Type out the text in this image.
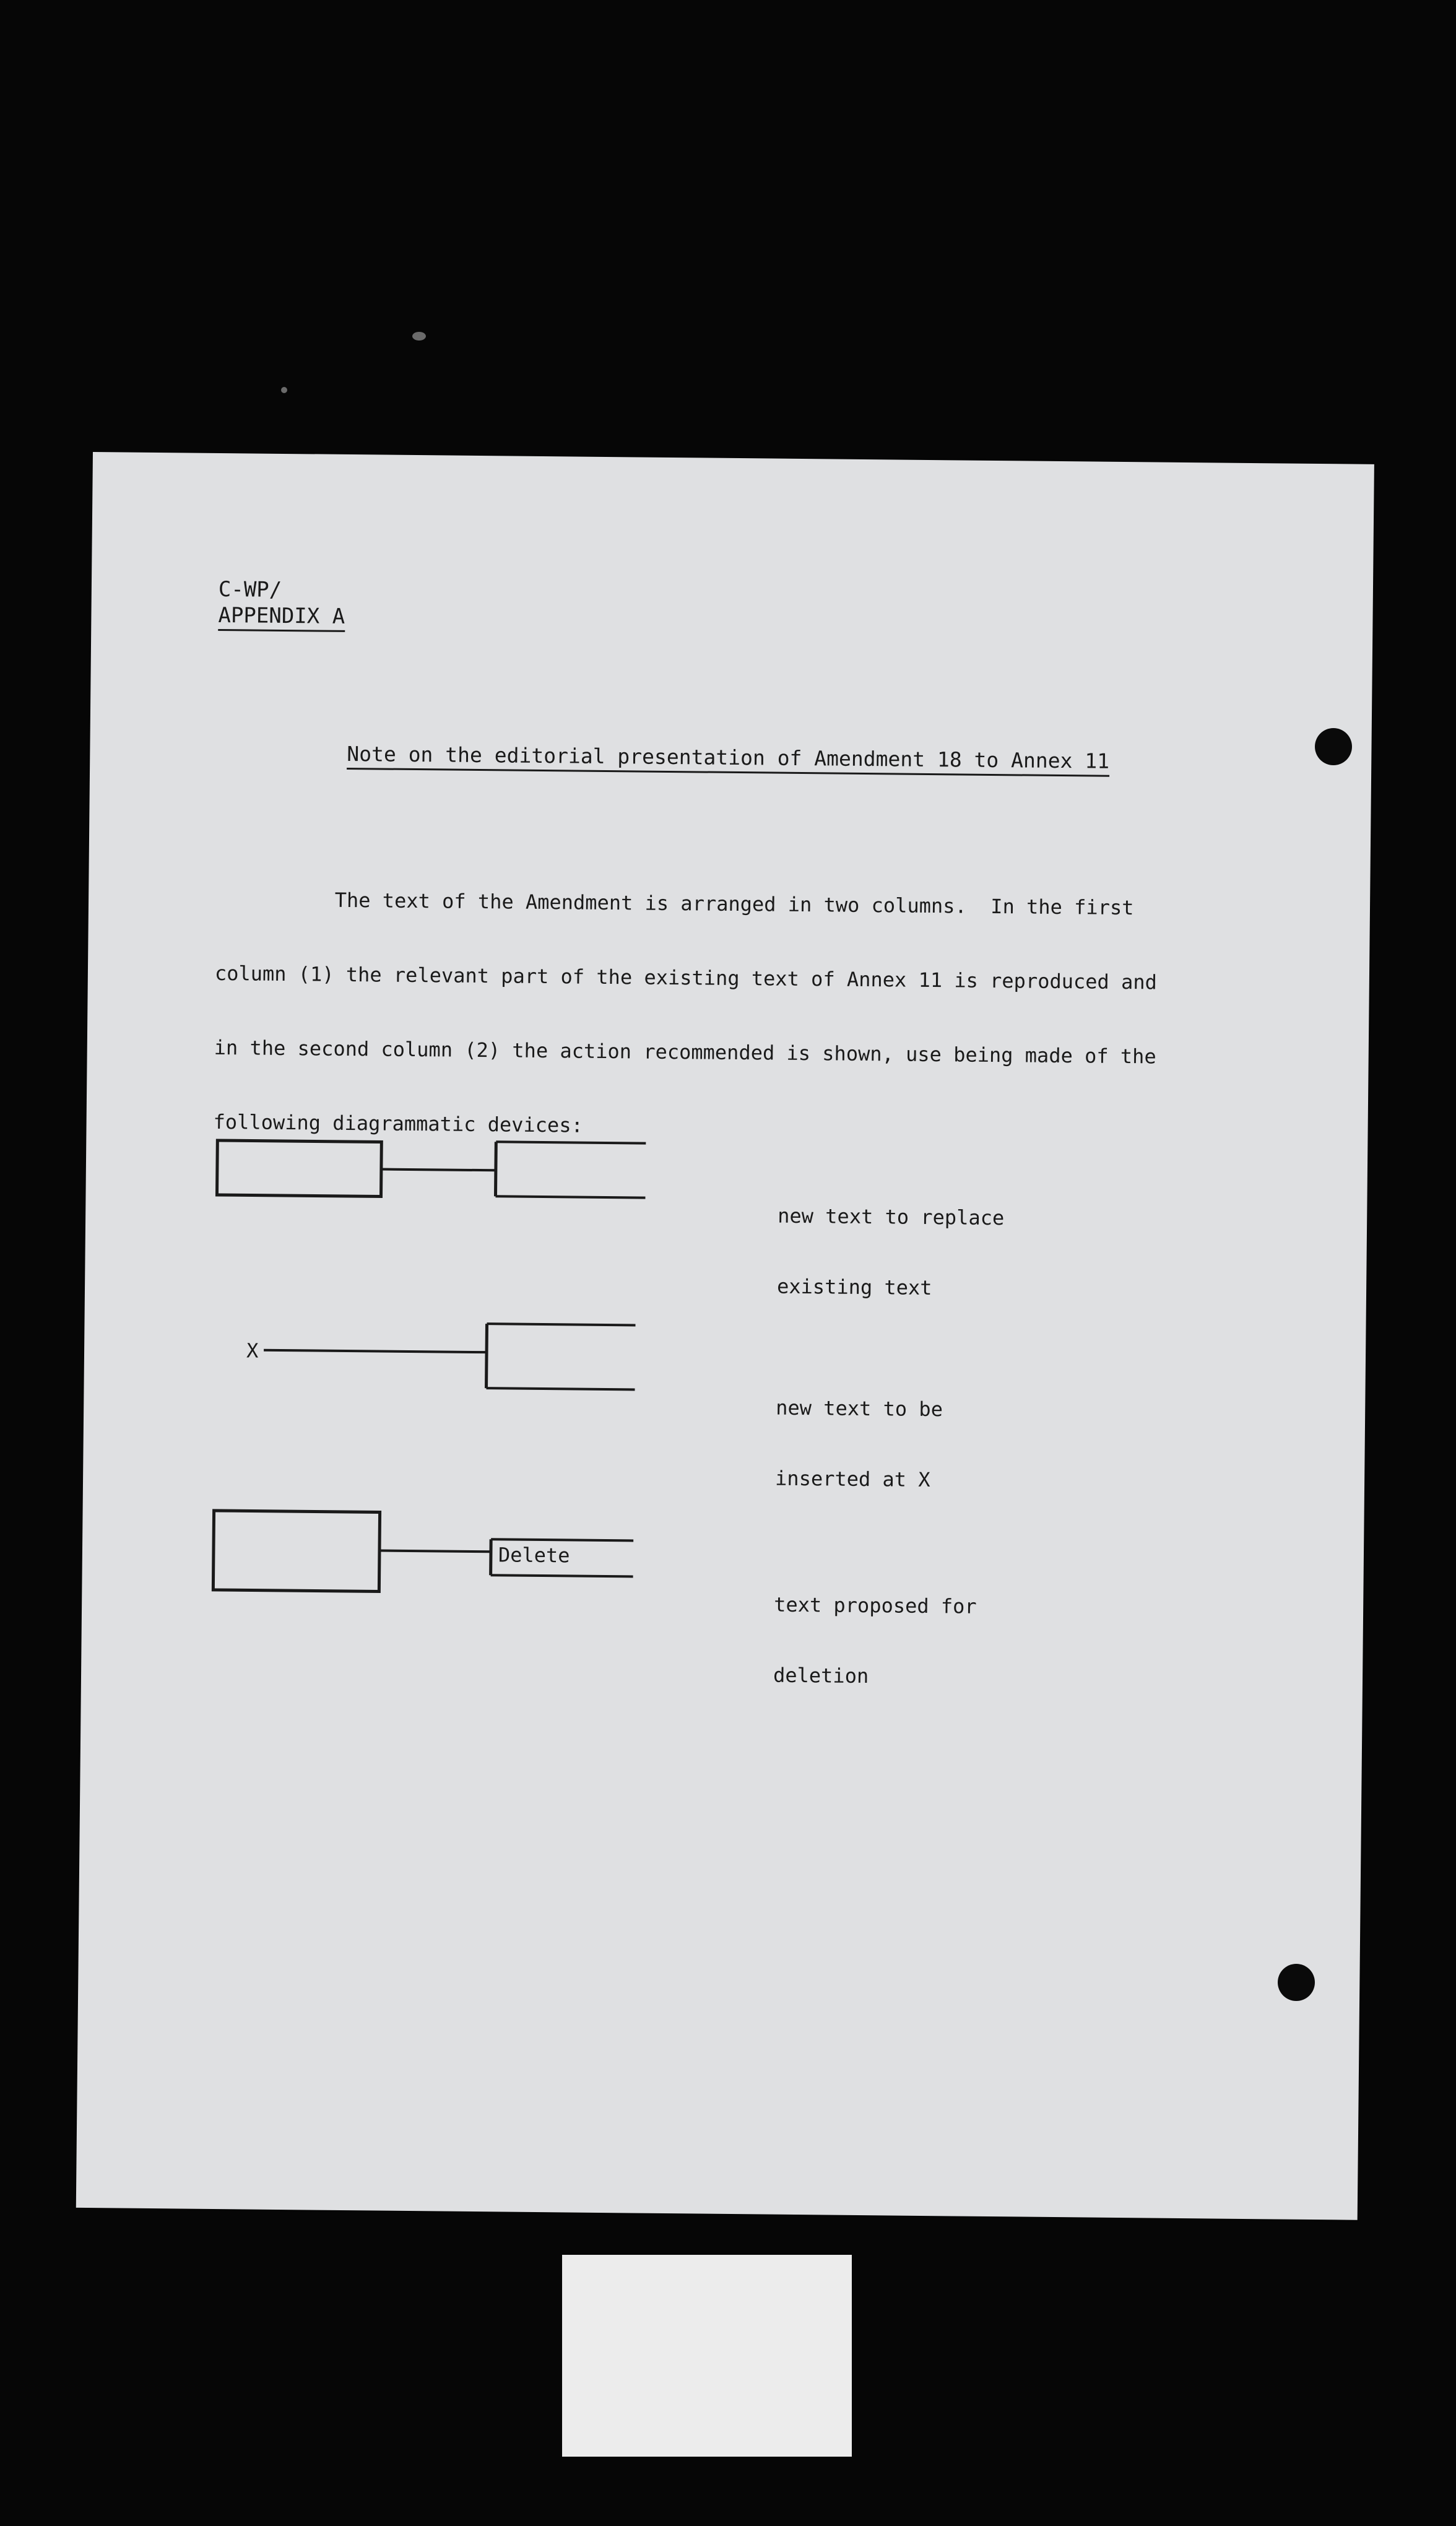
C-WP/
APPENDIX A
Note on the editorial presentation of Amendment 18 to Annex 11

The text of the Amendment is arranged in two columns.  In the first

column (1) the relevant part of the existing text of Annex 11 is reproduced and

in the second column (2) the action recommended is shown, use being made of the

following diagrammatic devices:

new text to replace

existing text

X

new text to be

inserted at X

Delete

text proposed for

deletion
